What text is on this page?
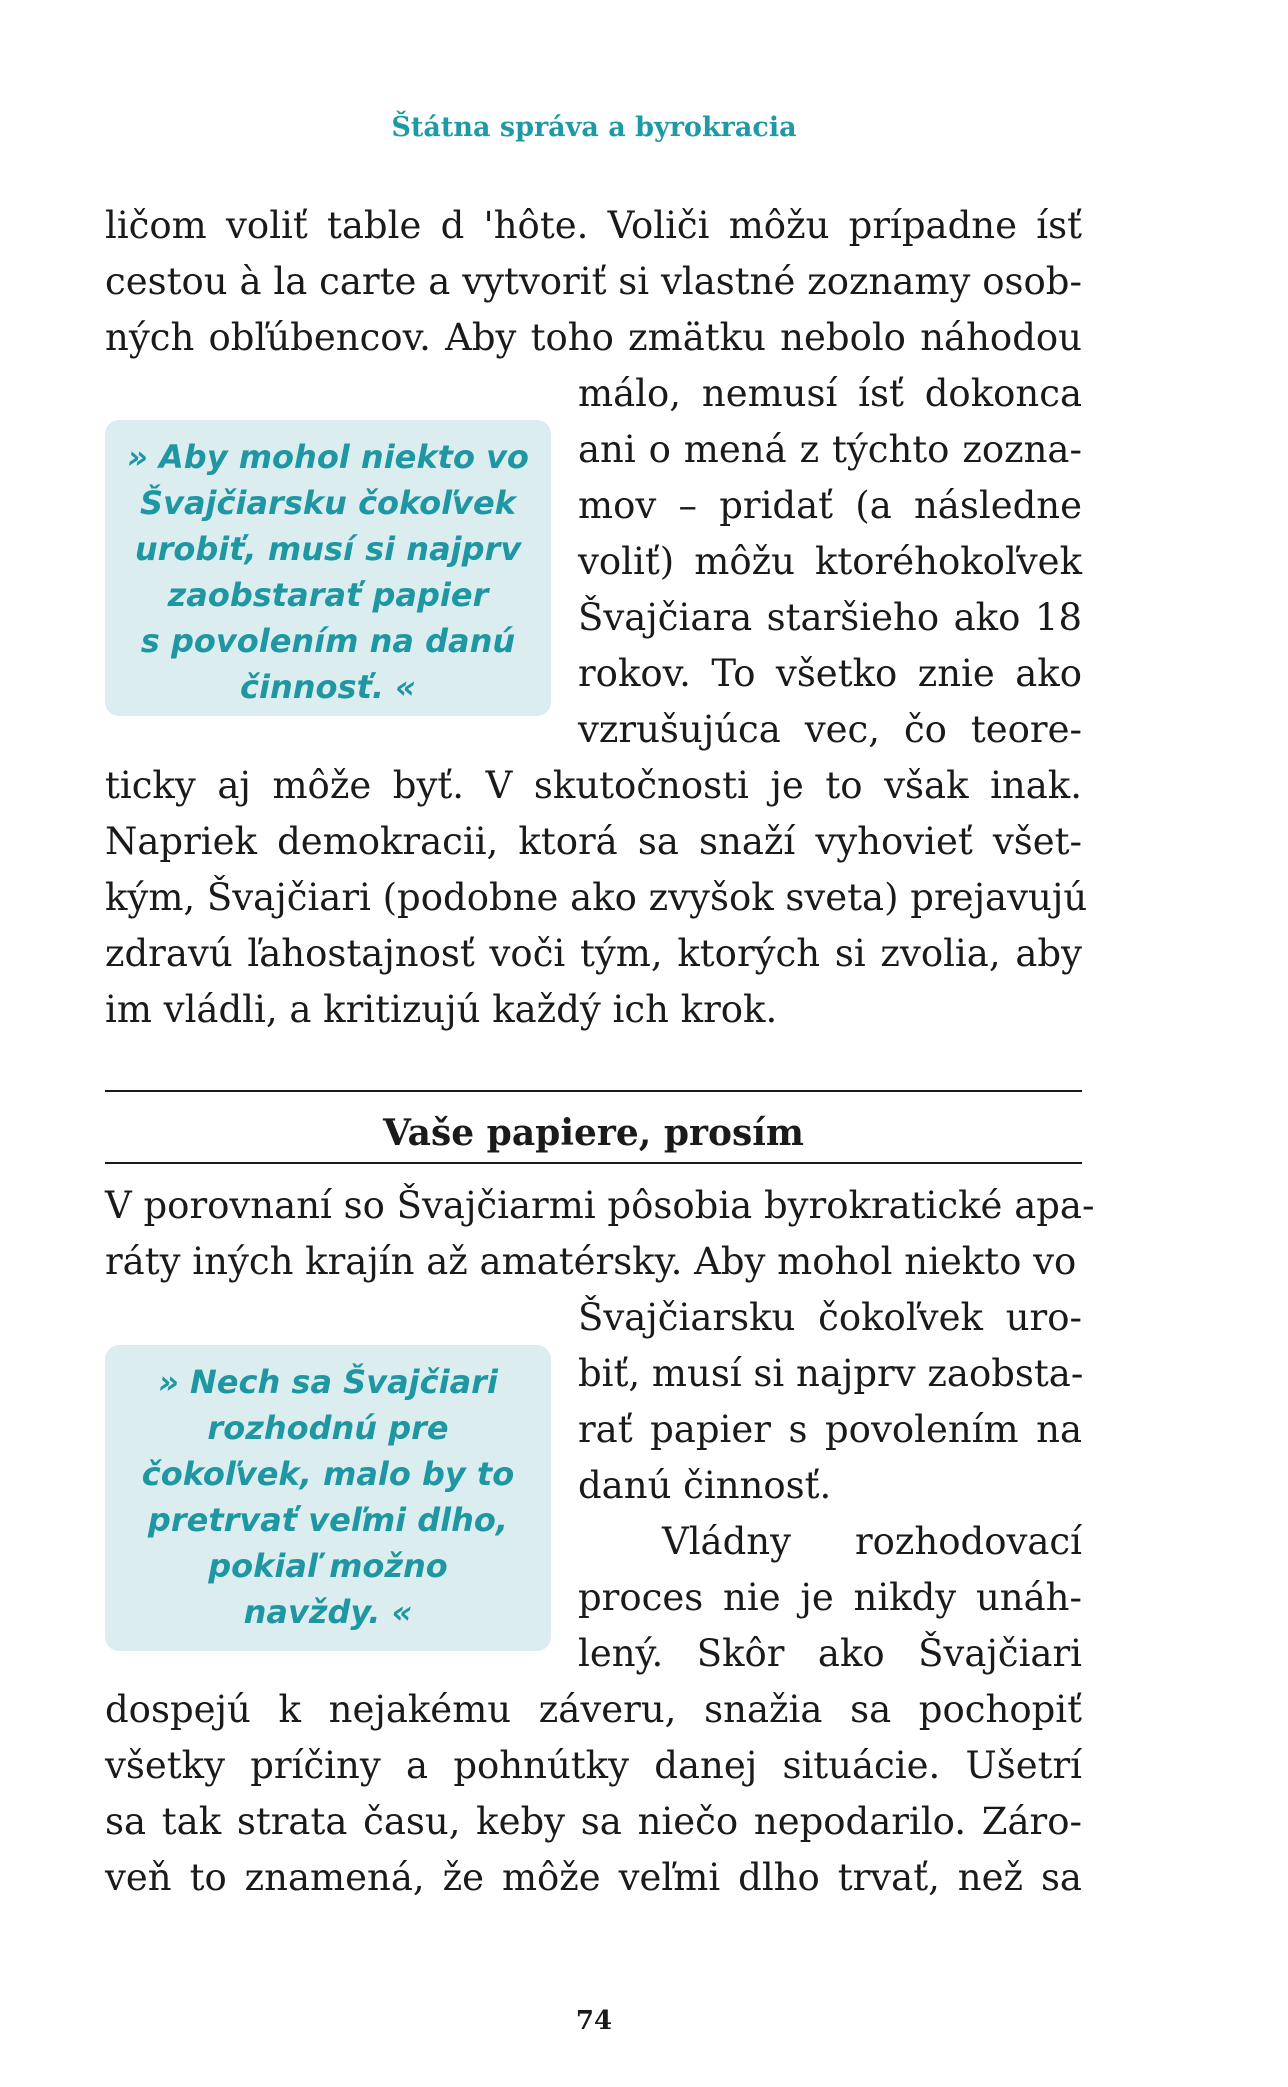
Štátna správa a byrokracia

ličom voliť table d 'hôte. Voliči môžu prípadne ísť

cestou à la carte a vytvoriť si vlastné zoznamy osob-

ných obľúbencov. Aby toho zmätku nebolo náhodou

málo, nemusí ísť dokonca

ani o mená z týchto zozna-

mov – pridať (a následne

voliť) môžu ktoréhokoľvek

Švajčiara staršieho ako 18

rokov. To všetko znie ako

vzrušujúca vec, čo teore-

ticky aj môže byť. V skutočnosti je to však inak.

Napriek demokracii, ktorá sa snaží vyhovieť všet-

kým, Švajčiari (podobne ako zvyšok sveta) prejavujú

zdravú ľahostajnosť voči tým, ktorých si zvolia, aby

im vládli, a kritizujú každý ich krok.

» Aby mohol niekto vo
Švajčiarsku čokoľvek
urobiť, musí si najprv
zaobstarať papier
s povolením na danú
činnosť. «
Vaše papiere, prosím

V porovnaní so Švajčiarmi pôsobia byrokratické apa-

ráty iných krajín až amatérsky. Aby mohol niekto vo

Švajčiarsku čokoľvek uro-

biť, musí si najprv zaobsta-

rať papier s povolením na

danú činnosť.

Vládny rozhodovací

proces nie je nikdy unáh-

lený. Skôr ako Švajčiari

dospejú k nejakému záveru, snažia sa pochopiť

všetky príčiny a pohnútky danej situácie. Ušetrí

sa tak strata času, keby sa niečo nepodarilo. Záro-

veň to znamená, že môže veľmi dlho trvať, než sa

» Nech sa Švajčiari
rozhodnú pre
čokoľvek, malo by to
pretrvať veľmi dlho,
pokiaľ možno
navždy. «
74
